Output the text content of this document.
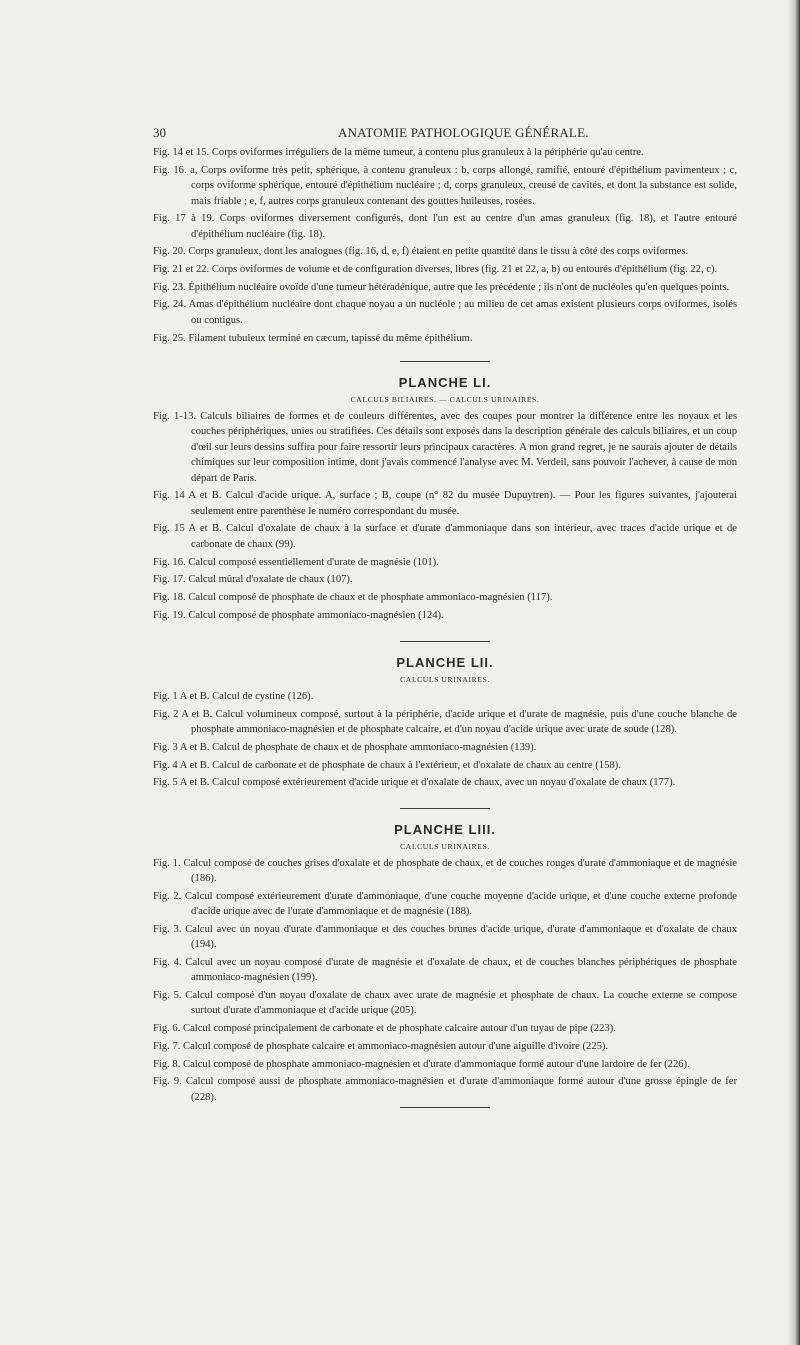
30	ANATOMIE PATHOLOGIQUE GÉNÉRALE.
Fig. 14 et 15. Corps oviformes irréguliers de la même tumeur, à contenu plus granuleux à la périphérie qu'au centre.
Fig. 16. a, Corps oviforme très petit, sphérique, à contenu granuleux : b, corps allongé, ramifié, entouré d'épithélium pavimenteux ; c, corps oviforme sphérique, entouré d'épithélium nucléaire ; d, corps granuleux, creusé de cavités, et dont la substance est solide, mais friable ; e, f, autres corps granuleux contenant des gouttes huileuses, rosées.
Fig. 17 à 19. Corps oviformes diversement configurés, dont l'un est au centre d'un amas granuleux (fig. 18), et l'autre entouré d'épithélium nucléaire (fig. 18).
Fig. 20. Corps granuleux, dont les analogues (fig. 16, d, e, f) étaient en petite quantité dans le tissu à côté des corps oviformes.
Fig. 21 et 22. Corps oviformes de volume et de configuration diverses, libres (fig. 21 et 22, a, b) ou entourés d'épithélium (fig. 22, c).
Fig. 23. Épithélium nucléaire ovoïde d'une tumeur hétéradénique, autre que les précédente ; ils n'ont de nucléoles qu'en quelques points.
Fig. 24. Amas d'épithélium nucléaire dont chaque noyau a un nucléole ; au milieu de cet amas existent plusieurs corps oviformes, isolés ou contigus.
Fig. 25. Filament tubuleux terminé en cæcum, tapissé du même épithélium.
PLANCHE LI.
CALCULS BILIAIRES. — CALCULS URINAIRES.
Fig. 1-13. Calculs biliaires de formes et de couleurs différentes, avec des coupes pour montrer la différence entre les noyaux et les couches périphériques, unies ou stratifiées. Ces détails sont exposés dans la description générale des calculs biliaires, et un coup d'œil sur leurs dessins suffira pour faire ressortir leurs principaux caractères. A mon grand regret, je ne saurais ajouter de détails chimiques sur leur composition intime, dont j'avais commencé l'analyse avec M. Verdeil, sans pouvoir l'achever, à cause de mon départ de Paris.
Fig. 14 A et B. Calcul d'acide urique. A, surface ; B, coupe (n° 82 du musée Dupuytren). — Pour les figures suivantes, j'ajouterai seulement entre parenthèse le numéro correspondant du musée.
Fig. 15 A et B. Calcul d'oxalate de chaux à la surface et d'urate d'ammoniaque dans son intérieur, avec traces d'acide urique et de carbonate de chaux (99).
Fig. 16. Calcul composé essentiellement d'urate de magnésie (101).
Fig. 17. Calcul mûral d'oxalate de chaux (107).
Fig. 18. Calcul composé de phosphate de chaux et de phosphate ammoniaco-magnésien (117).
Fig. 19. Calcul composé de phosphate ammoniaco-magnésien (124).
PLANCHE LII.
CALCULS URINAIRES.
Fig. 1 A et B. Calcul de cystine (126).
Fig. 2 A et B. Calcul volumineux composé, surtout à la périphérie, d'acide urique et d'urate de magnésie, puis d'une couche blanche de phosphate ammoniaco-magnésien et de phosphate calcaire, et d'un noyau d'acide urique avec urate de soude (128).
Fig. 3 A et B. Calcul de phosphate de chaux et de phosphate ammoniaco-magnésien (139).
Fig. 4 A et B. Calcul de carbonate et de phosphate de chaux à l'extérieur, et d'oxalate de chaux au centre (158).
Fig. 5 A et B. Calcul composé extérieurement d'acide urique et d'oxalate de chaux, avec un noyau d'oxalate de chaux (177).
PLANCHE LIII.
CALCULS URINAIRES.
Fig. 1. Calcul composé de couches grises d'oxalate et de phosphate de chaux, et de couches rouges d'urate d'ammoniaque et de magnésie (186).
Fig. 2. Calcul composé extérieurement d'urate d'ammoniaque, d'une couche moyenne d'acide urique, et d'une couche externe profonde d'acide urique avec de l'urate d'ammoniaque et de magnésie (188).
Fig. 3. Calcul avec un noyau d'urate d'ammoniaque et des couches brunes d'acide urique, d'urate d'ammoniaque et d'oxalate de chaux (194).
Fig. 4. Calcul avec un noyau composé d'urate de magnésie et d'oxalate de chaux, et de couches blanches périphériques de phosphate ammoniaco-magnésien (199).
Fig. 5. Calcul composé d'un noyau d'oxalate de chaux avec urate de magnésie et phosphate de chaux. La couche externe se compose surtout d'urate d'ammoniaque et d'acide urique (205).
Fig. 6. Calcul composé principalement de carbonate et de phosphate calcaire autour d'un tuyau de pipe (223).
Fig. 7. Calcul composé de phosphate calcaire et ammoniaco-magnésien autour d'une aiguille d'ivoire (225).
Fig. 8. Calcul composé de phosphate ammoniaco-magnésien et d'urate d'ammoniaque formé autour d'une lardoire de fer (226).
Fig. 9. Calcul composé aussi de phosphate ammoniaco-magnésien et d'urate d'ammoniaque formé autour d'une grosse épingle de fer (228).
